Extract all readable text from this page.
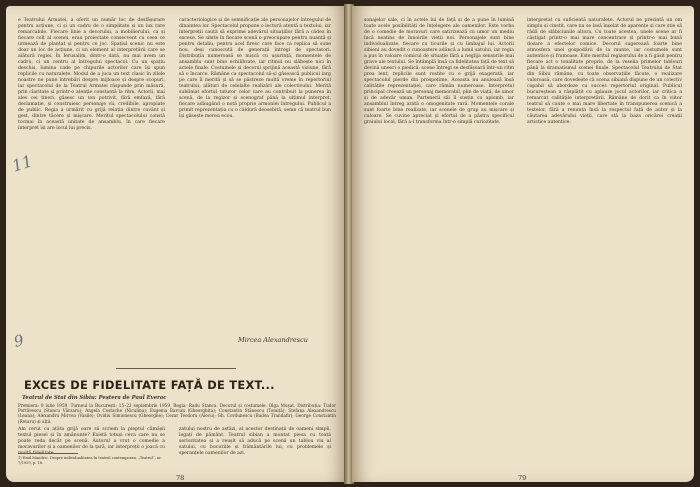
e Teatrului Armatei, a oferit un număr loc de desfășurare pentru acțiune, ci și un cadru de o simplitate și un lux rare remarcabile. Fiecare linie a decorului, a mobilierului, ca și fiecare colț al scenei, erau proiectate consecvent cu ceea ce urmează de plantat și pentru ce joc. Spațiul scenic nu este doar un loc de acțiune, ci un element al interpretării care se alătură regiei. În Ierusalim, dintr-o dată, nu mai avem un cadru, ci un centru al întregului spectacol. Cu un spațiu deschis, lumina cade pe chipurile actorilor care își spun replicile cu naturalețe. Modul de a juca un text clasic în zilele noastre ne pune întrebări despre mijloace și despre scopuri, iar spectacolul de la Teatrul Armatei răspunde prin măsură, prin claritate și printr-o atenție constantă la ritm. Actorii, mai ales cei tineri, găsesc un ton potrivit, fără emfază, fără declamație, și construiesc personaje vii, credibile, apropiate de public. Regia a urmărit cu grijă relația dintre cuvânt și gest, dintre tăcere și mișcare. Meritul spectacolului constă tocmai în această unitate de ansamblu, în care fiecare interpret își are locul lui precis.

caracteriologice și de semnificație ale personajelor întregului de dinaintea lor. Spectacolul propune o lectură atentă a textului, iar interpreții caută să exprime adevărul situațiilor fără a cădea în excese. Se simte în fiecare scenă o preocupare pentru nuanță și pentru detaliu, pentru acel firesc care face ca replica să sune nou, deși cunoscută de generații întregi de spectatori. Distribuția numeroasă se mișcă cu ușurință, momentele de ansamblu sunt bine echilibrate, iar ritmul nu slăbește nici în actele finale. Costumele și decorul sprijină această viziune, fără să o încarce. Rămâne ca spectacolul să-și găsească publicul larg pe care îl merită și să se păstreze multă vreme în repertoriul teatrului, alături de celelalte realizări ale colectivului. Merită subliniat efortul tuturor celor care au contribuit la punerea în scenă, de la regizor și scenograf până la ultimul interpret, fiecare adăugând o notă proprie armoniei întregului. Publicul a primit reprezentația cu o căldură deosebită, semn că teatrul bun își găsește mereu ecou.

Mircea Alexandrescu
EXCES DE FIDELITATE FAȚĂ DE TEXT...
Teatrul de Stat din Sibiu: Peștera de Paul Everac
Premiera: 9 iulie 1959. Turneul la București: 15–22 septembrie 1959. Regia: Radu Stanca. Decorul și costumele: Olga Mușat. Distribuția: Tudor Portărescu (Stancu Vărzaru); Angela Costache (Niculina); Eugenia Barcan (Gheorghița); Constantin Stănescu (Tomiță); Ștefana Alexandrescu (Leana); Alexandru Mircea (Vasile); Ovidiu Simionescu (Gheorghe); Cezar Teodoru (Alecu); Gh. Cordunescu (Badea Trandafir); George Constantin (Rotaru) și alții.

Am cerut cu atâta grijă oare să scriem la pieptul cămășii textul piesei și în amănunte? Există totuși ceva care nu se poate reda decât pe scenă. Autorul a vrut o comedie a moravurilor și a oamenilor de la țară, iar interpreții o joacă cu

zatului nostru de astăzi, al acestor destinații de oameni simpli, legați de pământ. Teatrul sibian a montat piesa cu toată seriozitatea și a reușit să aducă pe scenă un tablou viu al satului, cu bucuriile și frământările lui, cu problemele și speranțele oamenilor de azi.

1) Emil Mandric, Despre individualitatea în teatrul contemporan, „Teatrul”, nr. 7/1959, p. 18.
78
11
9

sonajelor sale, ci în actele lui de față și de a pune în lumină toate acele posibilități de înțelegere ale oamenilor. Este vorba de o comedie de moravuri care satirizează cu umor un mediu încă neatins de înnoirile vieții noi. Personajele sunt bine individualizate, fiecare cu ticurile și cu limbajul lui. Actorii sibieni au dovedit o cunoaștere adâncă a lumii satului, iar regia a pus în valoare comicul de situație fără a neglija sensurile mai grave ale textului. Se întâmplă însă ca fidelitatea față de text să devină uneori o piedică: scene întregi se desfășoară într-un ritm prea lent, replicile sunt rostite cu o grijă exagerată, iar spectacolul pierde din prospețime. Aceasta nu anulează însă calitățile reprezentației, care rămân numeroase. Interpretul principal creează un personaj memorabil, plin de viață, de umor și de adevăr uman. Partenerii săi îl susțin cu aplomb, iar ansamblul întreg arată o omogenitate rară. Momentele corale sunt foarte bine realizate, iar scenele de grup au mișcare și culoare. Se cuvine apreciat și efortul de a păstra specificul graiului local, fără a-l transforma într-o simplă curiozitate.

interpretat cu suficientă naturalețe. Actorul ne prezintă un om simplu și cinstit, care nu se lasă înșelat de aparențe și care știe să râdă de slăbiciunile altora. Cu toate acestea, unele scene ar fi câștigat printr-o mai mare concentrare și printr-o mai bună dozare a efectelor comice. Decorul sugerează foarte bine atmosfera unei gospodării de la munte, iar costumele sunt autentice și frumoase. Este meritul regizorului de a fi găsit pentru fiecare act o tonalitate proprie, de la veselia primelor tablouri până la dramatismul scenei finale. Spectacolul Teatrului de Stat din Sibiu rămâne, cu toate observațiile făcute, o realizare valoroasă, care dovedește că scena sibiană dispune de un colectiv capabil să abordeze cu succes repertoriul original. Publicul bucureștean a răsplătit cu aplauze jocul actorilor, iar critica a remarcat calitățile interpretării. Rămâne de dorit ca în viitor teatrul să caute o mai mare libertate în transpunerea scenică a textelor, fără a renunța însă la respectul față de autor și la căutarea adevărului vieții, care stă la baza oricărei creații artistice autentice.

79
